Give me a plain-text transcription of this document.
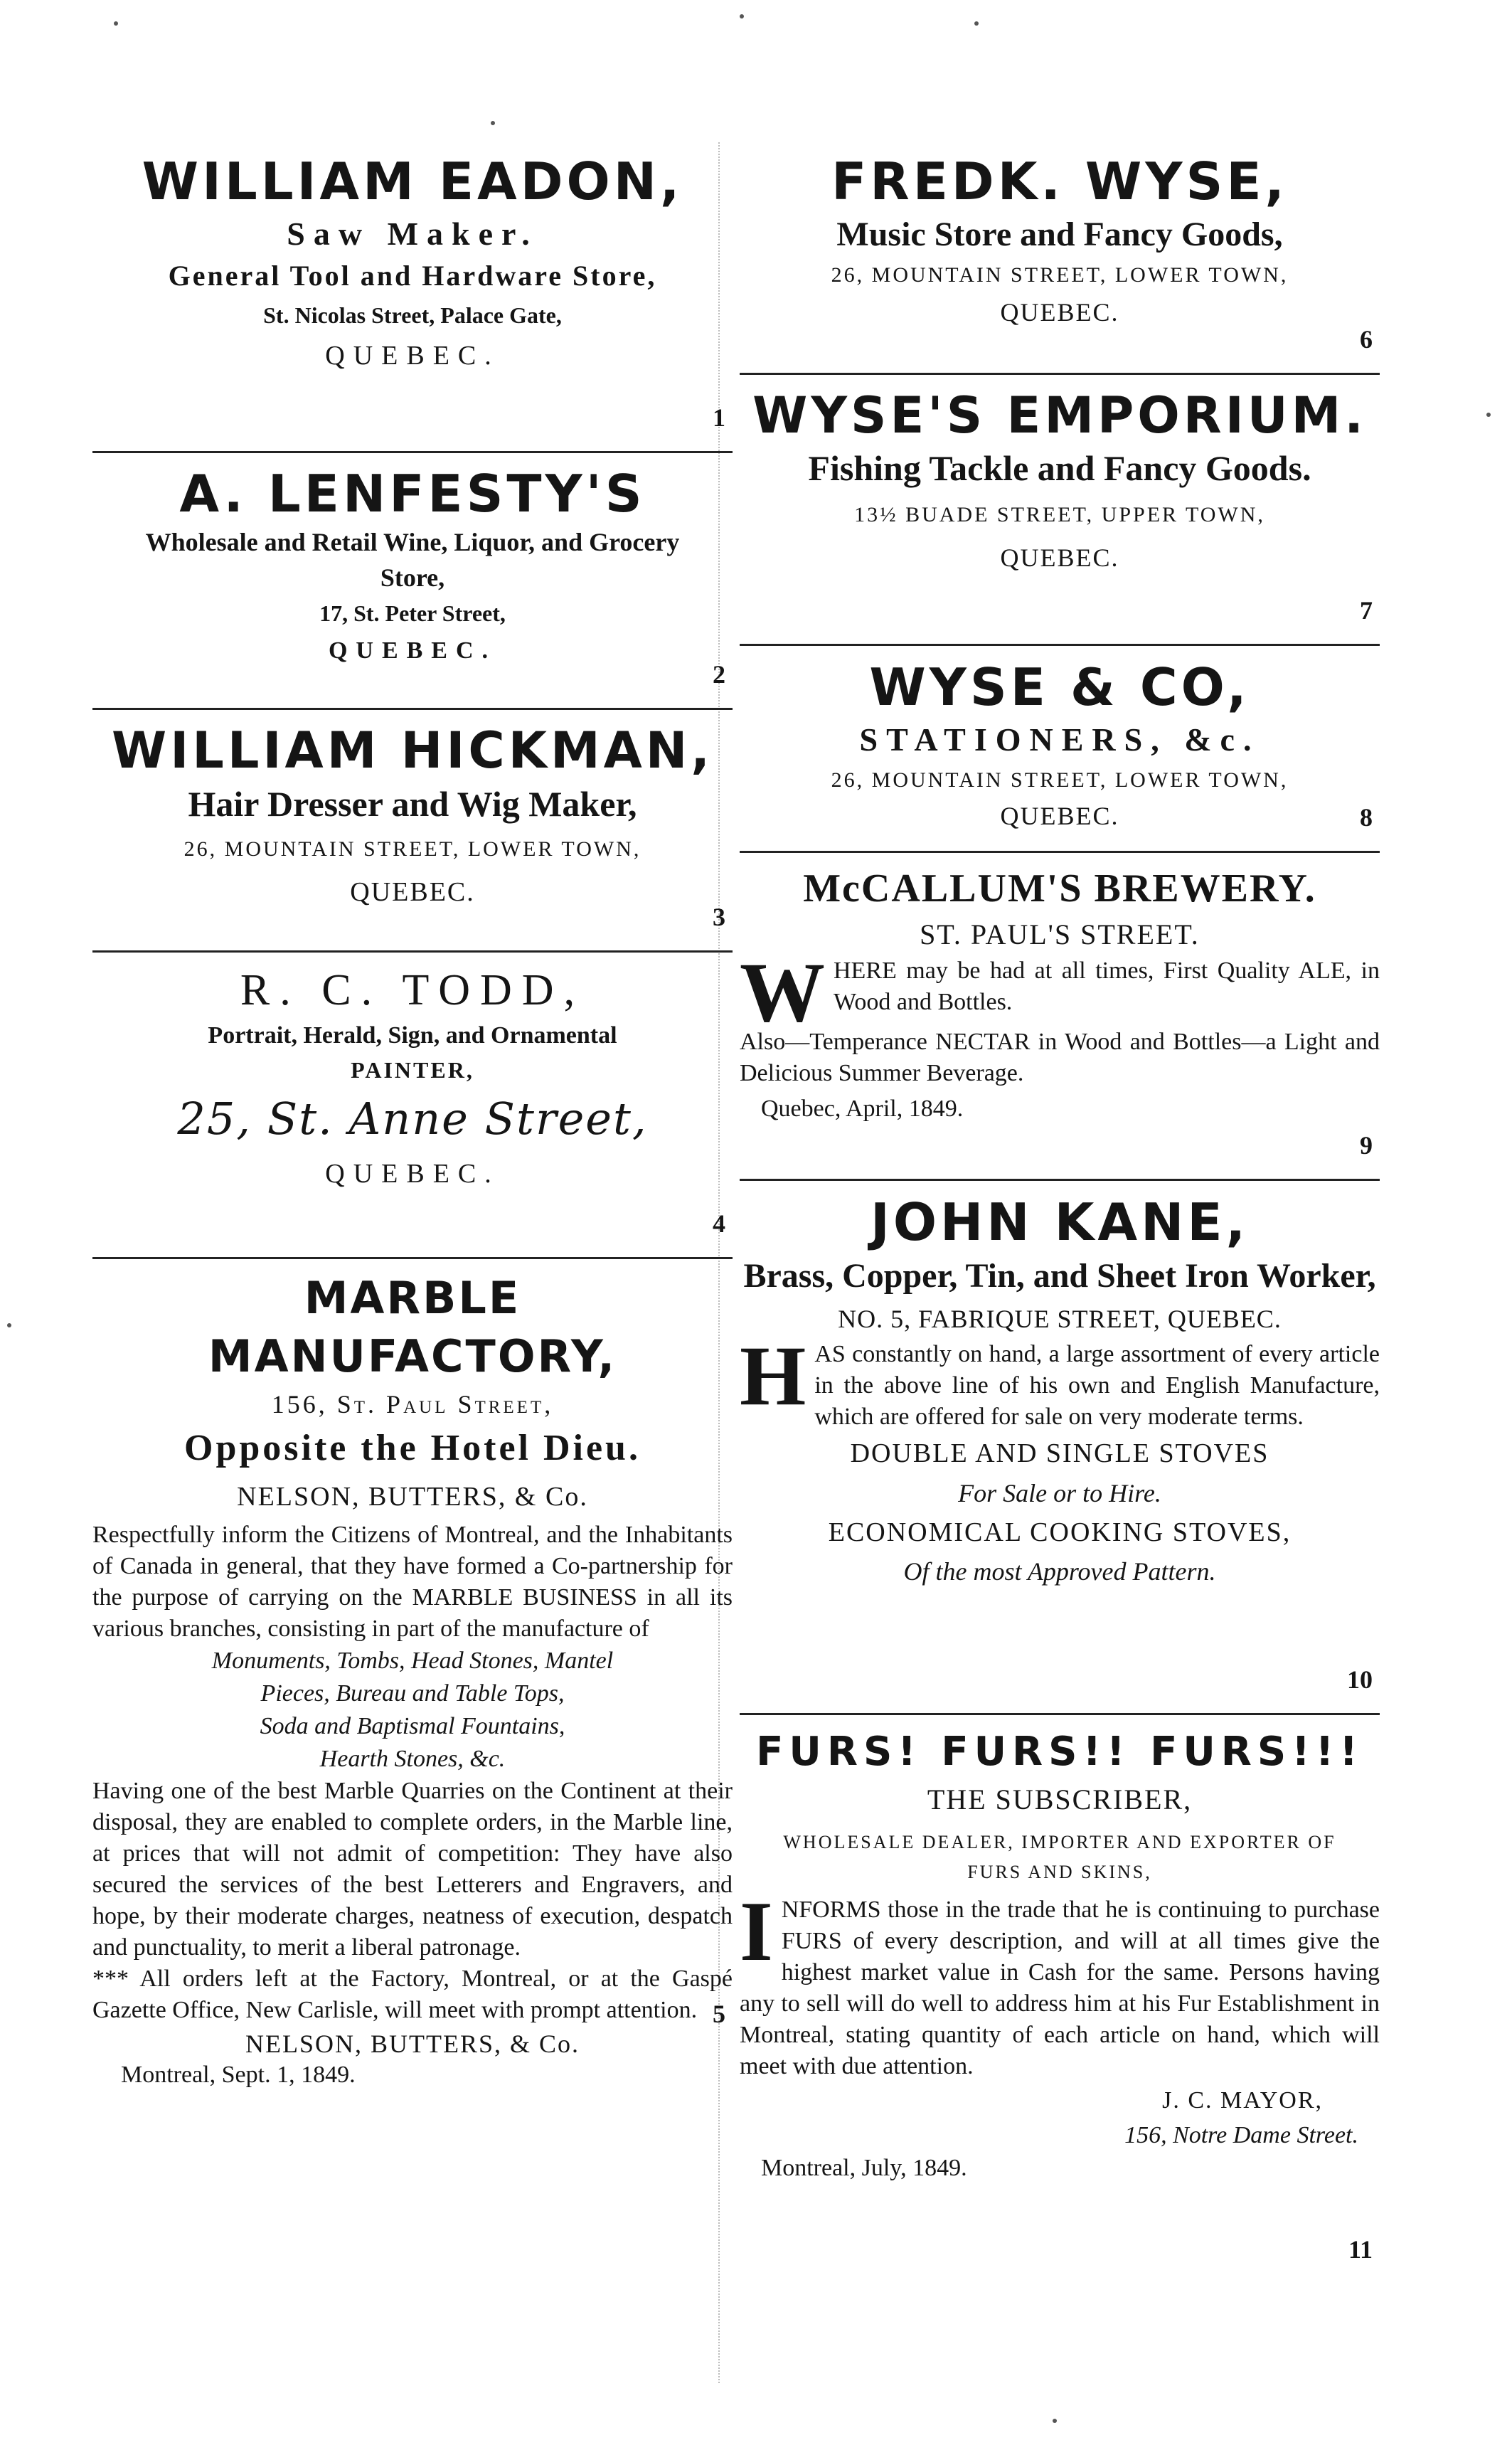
WILLIAM EADON,
Saw Maker.
General Tool and Hardware Store,
St. Nicolas Street, Palace Gate,
QUEBEC.
1
A. LENFESTY'S
Wholesale and Retail Wine, Liquor, and Grocery
Store,
17, St. Peter Street,
QUEBEC.
2
WILLIAM HICKMAN,
Hair Dresser and Wig Maker,
26, MOUNTAIN STREET, LOWER TOWN,
QUEBEC.
3
R. C. TODD,
Portrait, Herald, Sign, and Ornamental
PAINTER,
25, St. Anne Street,
QUEBEC.
4
MARBLE MANUFACTORY,
156, St. Paul Street,
Opposite the Hotel Dieu.
NELSON, BUTTERS, & Co.
Respectfully inform the Citizens of Montreal, and the Inhabitants of Canada in general, that they have formed a Co-partnership for the purpose of carrying on the MARBLE BUSINESS in all its various branches, consisting in part of the manufacture of
Monuments, Tombs, Head Stones, Mantel
Pieces, Bureau and Table Tops,
Soda and Baptismal Fountains,
Hearth Stones, &c.
Having one of the best Marble Quarries on the Continent at their disposal, they are enabled to complete orders, in the Marble line, at prices that will not admit of competition: They have also secured the services of the best Letterers and Engravers, and hope, by their moderate charges, neatness of execution, despatch and punctuality, to merit a liberal patronage.
*** All orders left at the Factory, Montreal, or at the Gaspé Gazette Office, New Carlisle, will meet with prompt attention.
NELSON, BUTTERS, & Co.
Montreal, Sept. 1, 1849.
5
FREDK. WYSE,
Music Store and Fancy Goods,
26, MOUNTAIN STREET, LOWER TOWN,
QUEBEC.
6
WYSE'S EMPORIUM.
Fishing Tackle and Fancy Goods.
13½ BUADE STREET, UPPER TOWN,
QUEBEC.
7
WYSE & CO,
STATIONERS, &c.
26, MOUNTAIN STREET, LOWER TOWN,
QUEBEC.	8
McCALLUM'S BREWERY.
ST. PAUL'S STREET.
W HERE may be had at all times, First Quality ALE, in Wood and Bottles.
Also—Temperance NECTAR in Wood and Bottles—a Light and Delicious Summer Beverage.
Quebec, April, 1849.
9
JOHN KANE,
Brass, Copper, Tin, and Sheet Iron Worker,
NO. 5, FABRIQUE STREET, QUEBEC.
H AS constantly on hand, a large assortment of every article in the above line of his own and English Manufacture, which are offered for sale on very moderate terms.
DOUBLE AND SINGLE STOVES
For Sale or to Hire.
ECONOMICAL COOKING STOVES,
Of the most Approved Pattern.
10
FURS! FURS!! FURS!!!
THE SUBSCRIBER,
WHOLESALE DEALER, IMPORTER AND EXPORTER OF FURS AND SKINS,
I NFORMS those in the trade that he is continuing to purchase FURS of every description, and will at all times give the highest market value in Cash for the same. Persons having any to sell will do well to address him at his Fur Establishment in Montreal, stating quantity of each article on hand, which will meet with due attention.
J. C. MAYOR,
156, Notre Dame Street.
Montreal, July, 1849.
11
